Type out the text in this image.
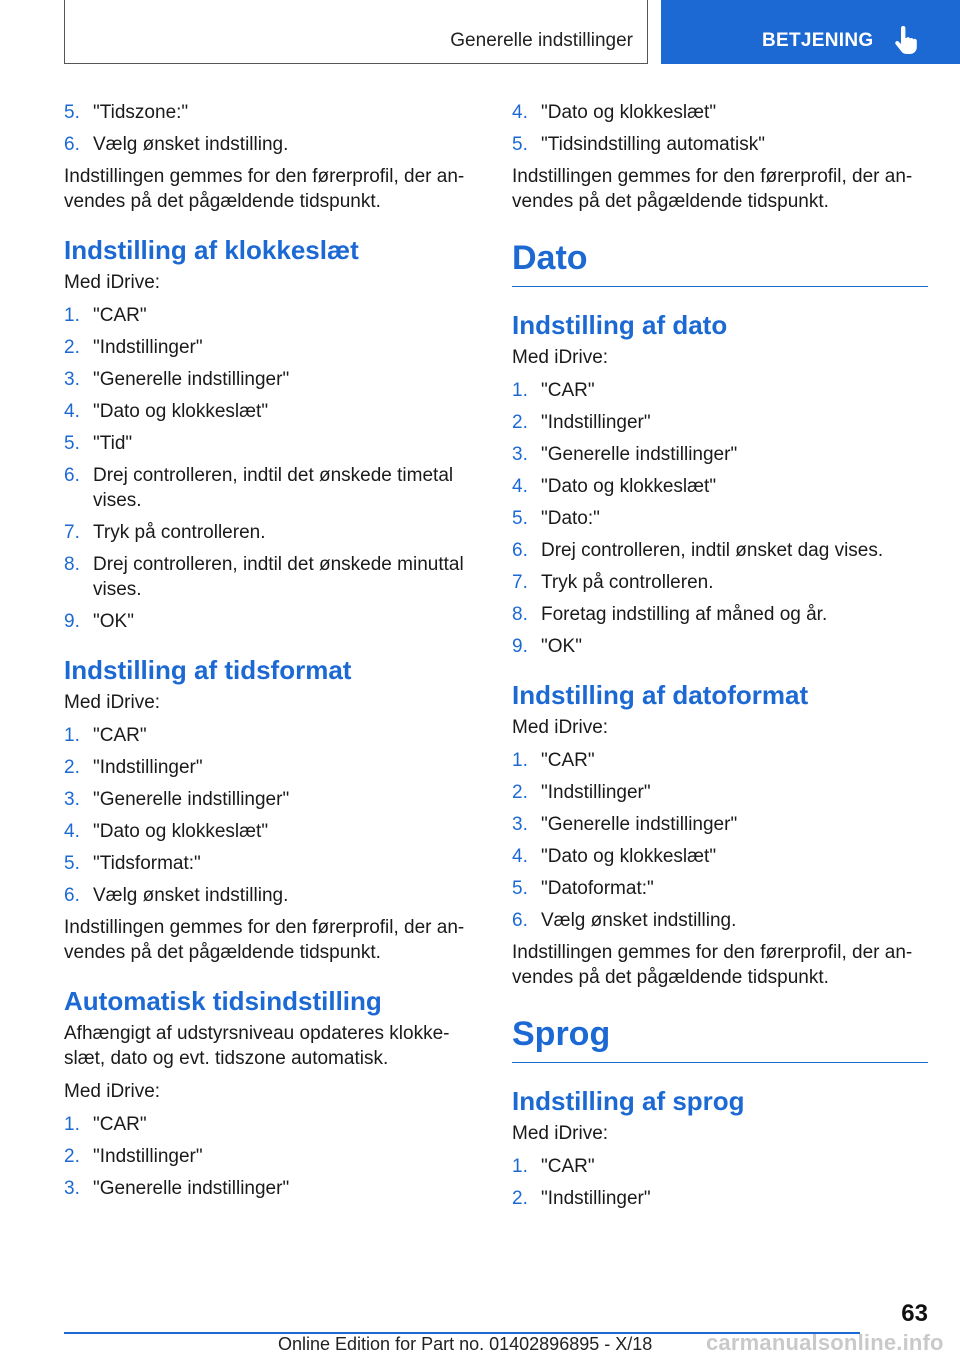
Generelle indstillinger	BETJENING
5. "Tidszone:"
6. Vælg ønsket indstilling.
Indstillingen gemmes for den førerprofil, der an- vendes på det pågældende tidspunkt.
Indstilling af klokkeslæt
Med iDrive:
1. "CAR"
2. "Indstillinger"
3. "Generelle indstillinger"
4. "Dato og klokkeslæt"
5. "Tid"
6. Drej controlleren, indtil det ønskede timetal vises.
7. Tryk på controlleren.
8. Drej controlleren, indtil det ønskede minuttal vises.
9. "OK"
Indstilling af tidsformat
Med iDrive:
1. "CAR"
2. "Indstillinger"
3. "Generelle indstillinger"
4. "Dato og klokkeslæt"
5. "Tidsformat:"
6. Vælg ønsket indstilling.
Indstillingen gemmes for den førerprofil, der an- vendes på det pågældende tidspunkt.
Automatisk tidsindstilling
Afhængigt af udstyrsniveau opdateres klokke- slæt, dato og evt. tidszone automatisk.
Med iDrive:
1. "CAR"
2. "Indstillinger"
3. "Generelle indstillinger"
4. "Dato og klokkeslæt"
5. "Tidsindstilling automatisk"
Indstillingen gemmes for den førerprofil, der an- vendes på det pågældende tidspunkt.
Dato
Indstilling af dato
Med iDrive:
1. "CAR"
2. "Indstillinger"
3. "Generelle indstillinger"
4. "Dato og klokkeslæt"
5. "Dato:"
6. Drej controlleren, indtil ønsket dag vises.
7. Tryk på controlleren.
8. Foretag indstilling af måned og år.
9. "OK"
Indstilling af datoformat
Med iDrive:
1. "CAR"
2. "Indstillinger"
3. "Generelle indstillinger"
4. "Dato og klokkeslæt"
5. "Datoformat:"
6. Vælg ønsket indstilling.
Indstillingen gemmes for den førerprofil, der an- vendes på det pågældende tidspunkt.
Sprog
Indstilling af sprog
Med iDrive:
1. "CAR"
2. "Indstillinger"
63
Online Edition for Part no. 01402896895 - X/18 carmanualsonline.info
